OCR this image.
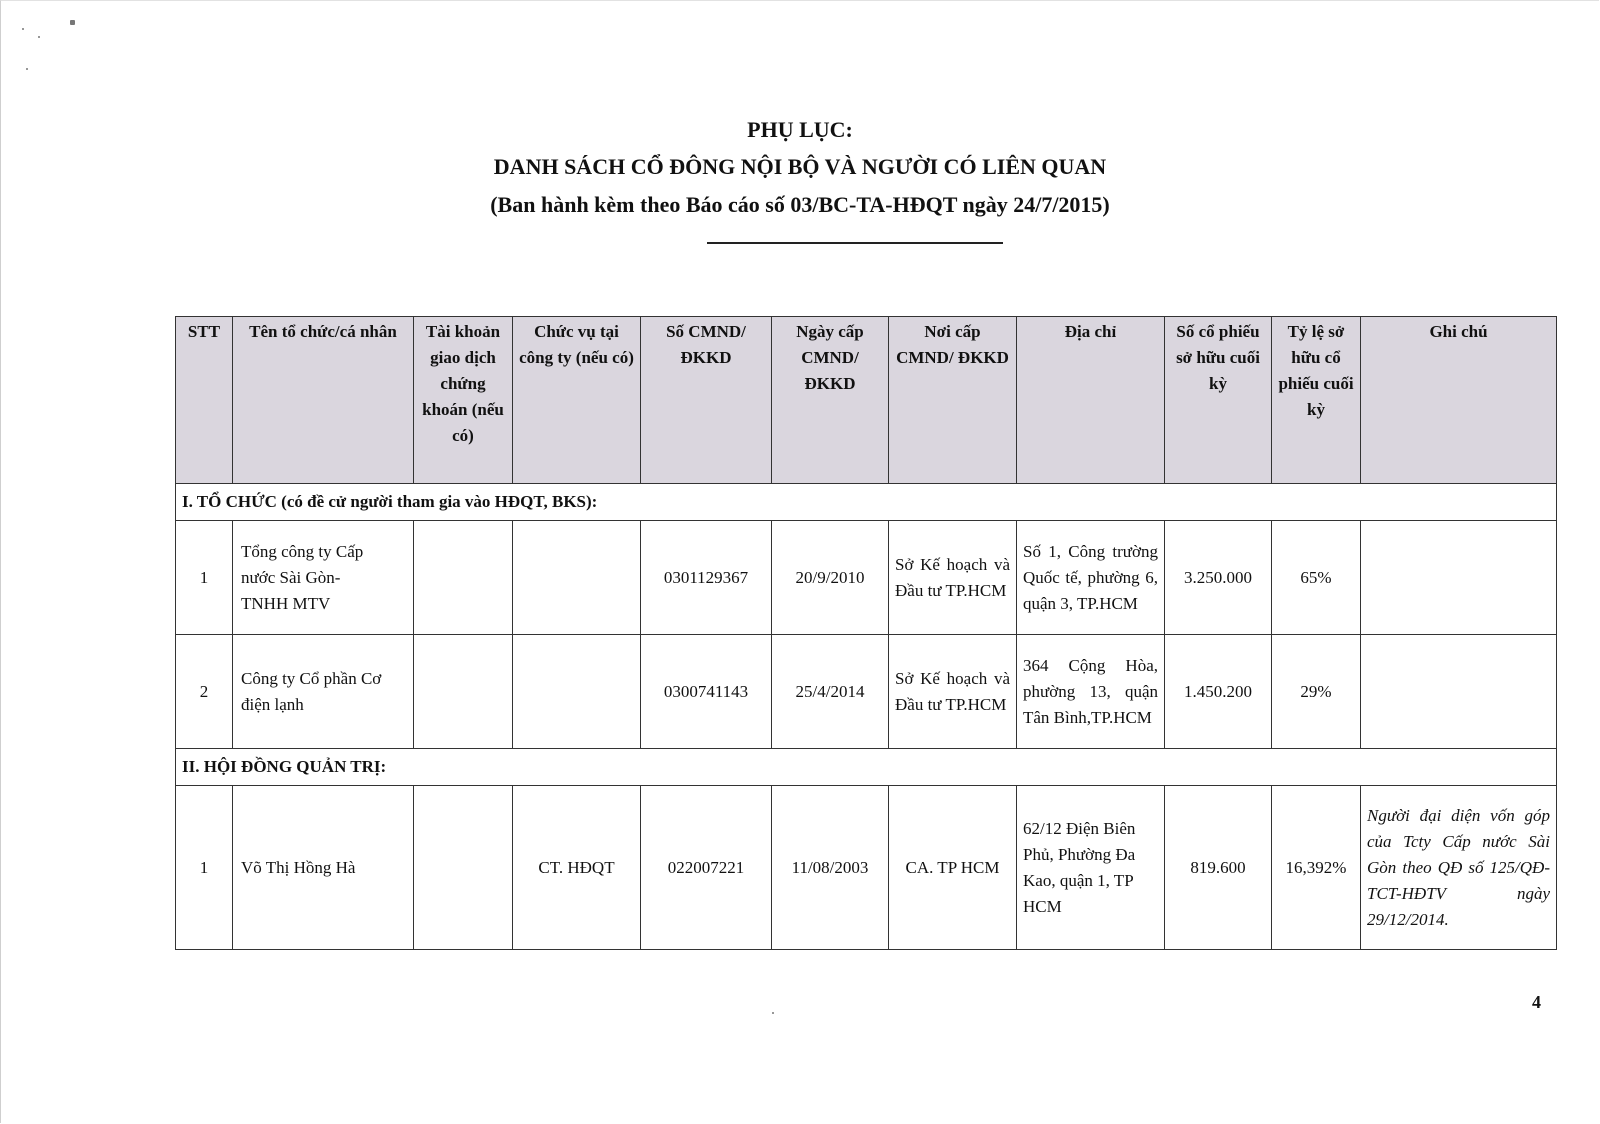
PHỤ LỤC:
DANH SÁCH CỔ ĐÔNG NỘI BỘ VÀ NGƯỜI CÓ LIÊN QUAN
(Ban hành kèm theo Báo cáo số 03/BC-TA-HĐQT ngày 24/7/2015)
STT	Tên tổ chức/cá nhân	Tài khoản giao dịch chứng khoán (nếu có)	Chức vụ tại công ty (nếu có)	Số CMND/ ĐKKD	Ngày cấp CMND/ ĐKKD	Nơi cấp CMND/ ĐKKD	Địa chỉ	Số cổ phiếu sở hữu cuối kỳ	Tỷ lệ sở hữu cổ phiếu cuối kỳ	Ghi chú
I. TỔ CHỨC (có đề cử người tham gia vào HĐQT, BKS):										
1	Tổng công ty Cấp nước Sài Gòn-TNHH MTV			0301129367	20/9/2010	Sở Kế hoạch và Đầu tư TP.HCM	Số 1, Công trường Quốc tế, phường 6, quận 3, TP.HCM	3.250.000	65%	
2	Công ty Cổ phần Cơ điện lạnh			0300741143	25/4/2014	Sở Kế hoạch và Đầu tư TP.HCM	364 Cộng Hòa, phường 13, quận Tân Bình,TP.HCM	1.450.200	29%	
II. HỘI ĐỒNG QUẢN TRỊ:										
1	Võ Thị Hồng Hà		CT. HĐQT	022007221	11/08/2003	CA. TP HCM	62/12 Điện Biên Phủ, Phường Đa Kao, quận 1, TP HCM	819.600	16,392%	Người đại diện vốn góp của Tcty Cấp nước Sài Gòn theo QĐ số 125/QĐ-TCT-HĐTV ngày 29/12/2014.
4
